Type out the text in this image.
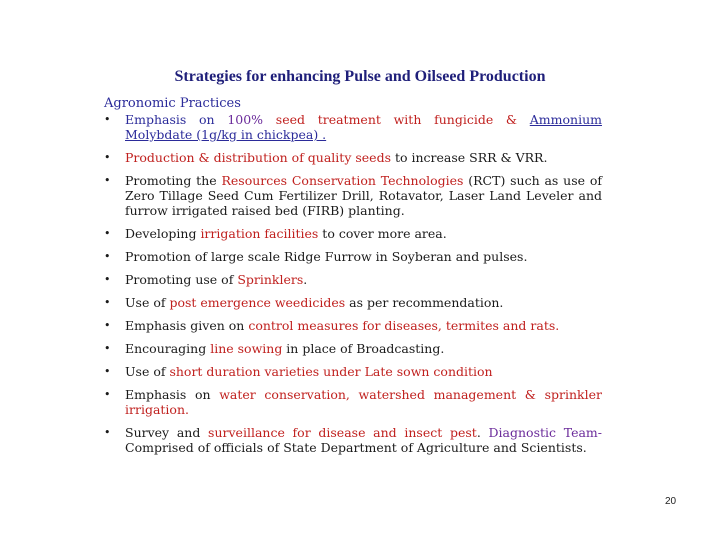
Strategies for enhancing Pulse and Oilseed Production
Agronomic Practices
• Emphasis on 100% seed treatment with fungicide & Ammonium Molybdate (1g/kg in chickpea) .
• Production & distribution of quality seeds to increase SRR & VRR.
• Promoting the Resources Conservation Technologies (RCT) such as use of Zero Tillage Seed Cum Fertilizer Drill, Rotavator, Laser Land Leveler and furrow irrigated raised bed (FIRB) planting.
• Developing irrigation facilities to cover more area.
• Promotion of large scale Ridge Furrow in Soyberan and pulses.
• Promoting use of Sprinklers.
• Use of post emergence weedicides as per recommendation.
• Emphasis given on control measures for diseases, termites and rats.
• Encouraging line sowing in place of Broadcasting.
• Use of short duration varieties under Late sown condition
• Emphasis on water conservation, watershed management & sprinkler irrigation.
• Survey and surveillance for disease and insect pest. Diagnostic Team- Comprised of officials of State Department of Agriculture and Scientists.
20
